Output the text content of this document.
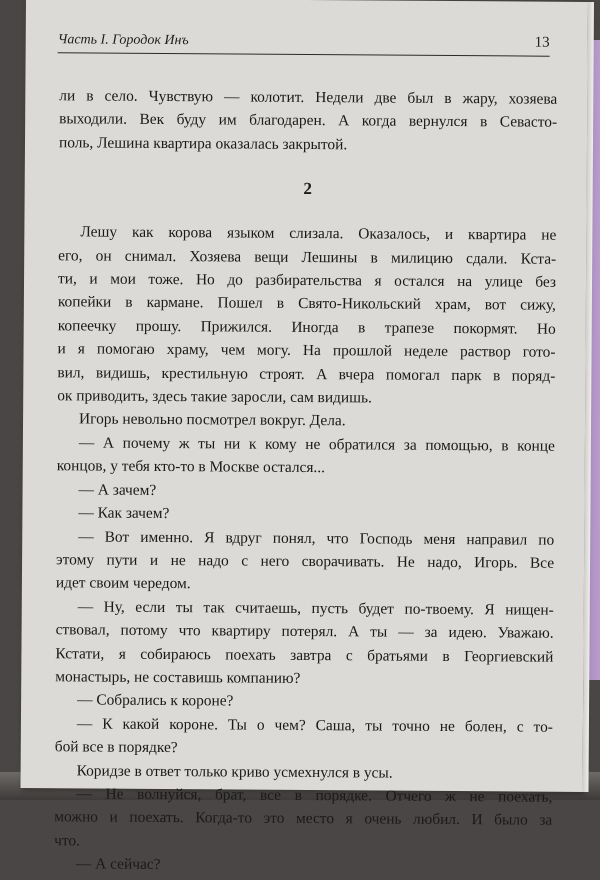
Часть I. Городок Инъ	13

ли в село. Чувствую — колотит. Недели две был в жару, хозяева
выходили. Век буду им благодарен. А когда вернулся в Севасто-
поль, Лешина квартира оказалась закрытой.

2

Лешу как корова языком слизала. Оказалось, и квартира не
его, он снимал. Хозяева вещи Лешины в милицию сдали. Кста-
ти, и мои тоже. Но до разбирательства я остался на улице без
копейки в кармане. Пошел в Свято-Никольский храм, вот сижу,
копеечку прошу. Прижился. Иногда в трапезе покормят. Но
и я помогаю храму, чем могу. На прошлой неделе раствор гото-
вил, видишь, крестильную строят. А вчера помогал парк в поряд-
ок приводить, здесь такие заросли, сам видишь.

Игорь невольно посмотрел вокруг. Дела.

— А почему ж ты ни к кому не обратился за помощью, в конце
концов, у тебя кто-то в Москве остался...

— А зачем?

— Как зачем?

— Вот именно. Я вдруг понял, что Господь меня направил по
этому пути и не надо с него сворачивать. Не надо, Игорь. Все
идет своим чередом.

— Ну, если ты так считаешь, пусть будет по-твоему. Я нищен-
ствовал, потому что квартиру потерял. А ты — за идею. Уважаю.
Кстати, я собираюсь поехать завтра с братьями в Георгиевский
монастырь, не составишь компанию?

— Собрались к короне?

— К какой короне. Ты о чем? Саша, ты точно не болен, с то-
бой все в порядке?

Коридзе в ответ только криво усмехнулся в усы.

— Не волнуйся, брат, все в порядке. Отчего ж не поехать,
можно и поехать. Когда-то это место я очень любил. И было за
что.

— А сейчас?
